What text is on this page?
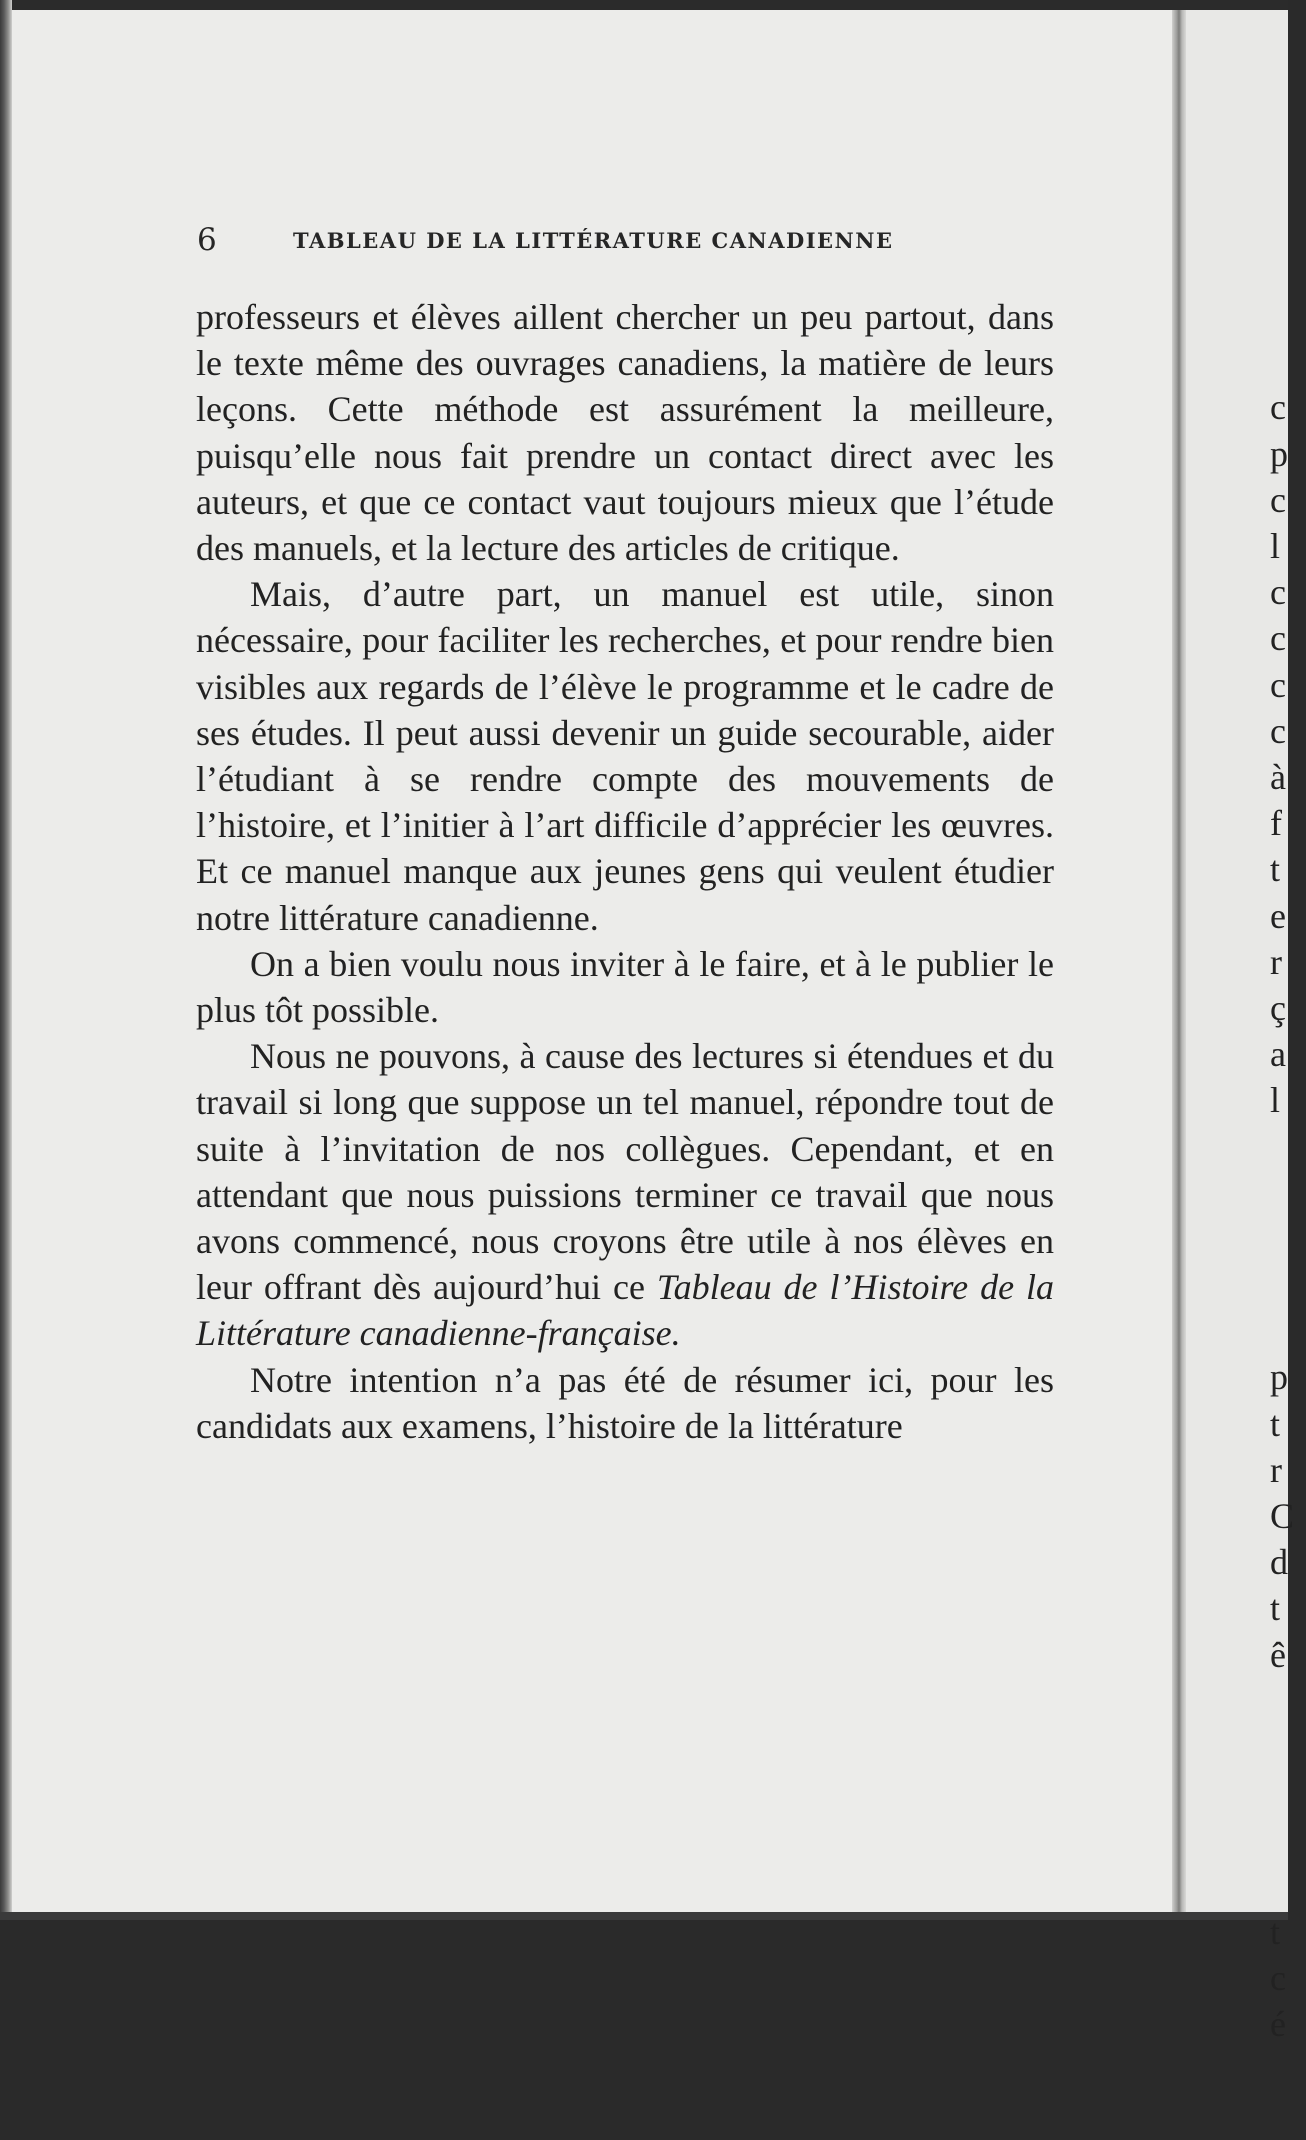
6	TABLEAU DE LA LITTÉRATURE CANADIENNE

professeurs et élèves aillent chercher un peu partout, dans le texte même des ouvrages canadiens, la matière de leurs leçons. Cette méthode est assurément la meilleure, puisqu’elle nous fait prendre un contact direct avec les auteurs, et que ce contact vaut toujours mieux que l’étude des manuels, et la lecture des articles de critique.

Mais, d’autre part, un manuel est utile, sinon nécessaire, pour faciliter les recherches, et pour rendre bien visibles aux regards de l’élève le programme et le cadre de ses études. Il peut aussi devenir un guide secourable, aider l’étudiant à se rendre compte des mouvements de l’histoire, et l’initier à l’art difficile d’apprécier les œuvres. Et ce manuel manque aux jeunes gens qui veulent étudier notre littérature canadienne.

On a bien voulu nous inviter à le faire, et à le publier le plus tôt possible.

Nous ne pouvons, à cause des lectures si étendues et du travail si long que suppose un tel manuel, répondre tout de suite à l’invitation de nos collègues. Cependant, et en attendant que nous puissions terminer ce travail que nous avons commencé, nous croyons être utile à nos élèves en leur offrant dès aujourd’hui ce Tableau de l’Histoire de la Littérature canadienne-française.

Notre intention n’a pas été de résumer ici, pour les candidats aux examens, l’histoire de la littérature

c
p
c
l
c
c
c
c
à
f
t
e
r
ç
a
l

p
t
r
C
d
t
ê

t
c
é
